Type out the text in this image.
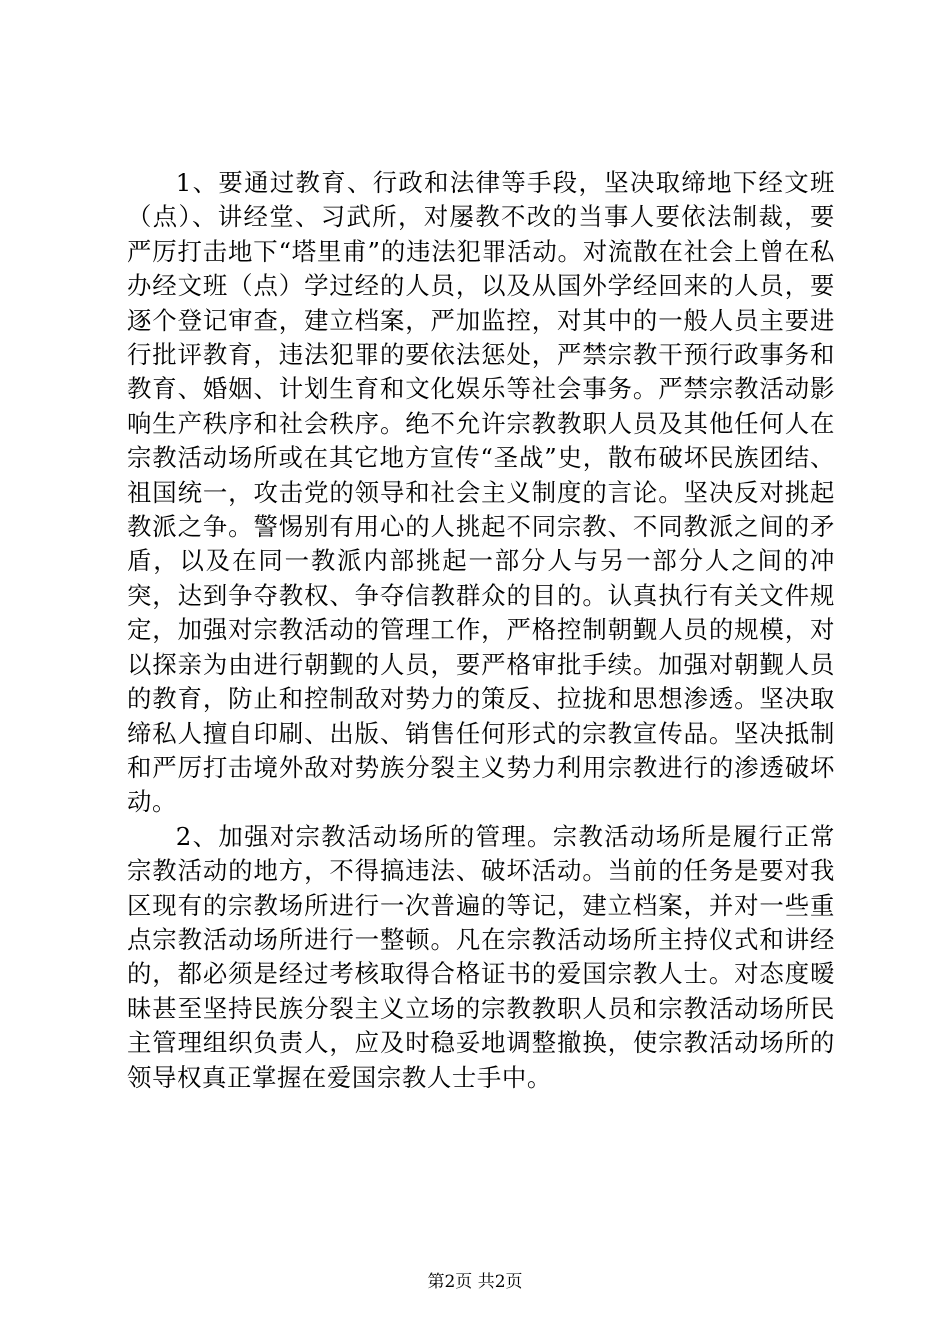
1、要通过教育、行政和法律等手段，坚决取缔地下经文班（点）、讲经堂、习武所，对屡教不改的当事人要依法制裁，要严厉打击地下“塔里甫”的违法犯罪活动。对流散在社会上曾在私办经文班（点）学过经的人员，以及从国外学经回来的人员，要逐个登记审查，建立档案，严加监控，对其中的一般人员主要进行批评教育，违法犯罪的要依法惩处，严禁宗教干预行政事务和教育、婚姻、计划生育和文化娱乐等社会事务。严禁宗教活动影响生产秩序和社会秩序。绝不允许宗教教职人员及其他任何人在宗教活动场所或在其它地方宣传“圣战”史，散布破坏民族团结、祖国统一，攻击党的领导和社会主义制度的言论。坚决反对挑起教派之争。警惕别有用心的人挑起不同宗教、不同教派之间的矛盾，以及在同一教派内部挑起一部分人与另一部分人之间的冲突，达到争夺教权、争夺信教群众的目的。认真执行有关文件规定，加强对宗教活动的管理工作，严格控制朝觐人员的规模，对以探亲为由进行朝觐的人员，要严格审批手续。加强对朝觐人员的教育，防止和控制敌对势力的策反、拉拢和思想渗透。坚决取缔私人擅自印刷、出版、销售任何形式的宗教宣传品。坚决抵制和严厉打击境外敌对势族分裂主义势力利用宗教进行的渗透破坏动。

2、加强对宗教活动场所的管理。宗教活动场所是履行正常宗教活动的地方，不得搞违法、破坏活动。当前的任务是要对我区现有的宗教场所进行一次普遍的等记，建立档案，并对一些重点宗教活动场所进行一整顿。凡在宗教活动场所主持仪式和讲经的，都必须是经过考核取得合格证书的爱国宗教人士。对态度暧昧甚至坚持民族分裂主义立场的宗教教职人员和宗教活动场所民主管理组织负责人，应及时稳妥地调整撤换，使宗教活动场所的领导权真正掌握在爱国宗教人士手中。

第2页 共2页
